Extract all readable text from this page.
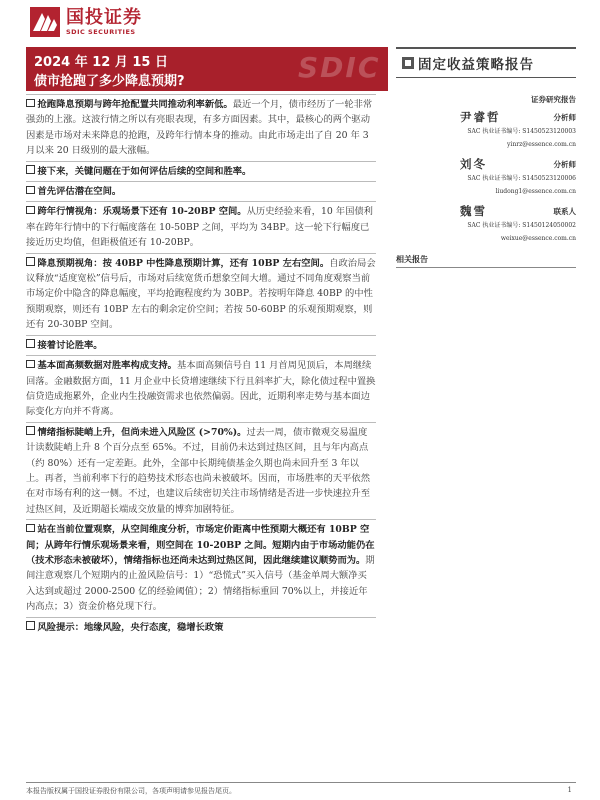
国投证券
SDIC SECURITIES
SDIC
2024 年 12 月 15 日
债市抢跑了多少降息预期?
固定收益策略报告
证券研究报告
尹睿哲	分析师
SAC 执业证书编号: S1450523120003
yinrz@essence.com.cn
刘冬	分析师
SAC 执业证书编号: S1450523120006
liudong1@essence.com.cn
魏雪	联系人
SAC 执业证书编号: S1450124050002
weixue@essence.com.cn
相关报告
抢跑降息预期与跨年抢配置共同推动利率新低。最近一个月，债市经历了一轮非常强劲的上涨。这波行情之所以有亮眼表现，有多方面因素。其中，最核心的两个驱动因素是市场对未来降息的抢跑，及跨年行情本身的推动。由此市场走出了自 20 年 3 月以来 20 日级别的最大涨幅。
接下来，关键问题在于如何评估后续的空间和胜率。
首先评估潜在空间。
跨年行情视角：乐观场景下还有 10-20BP 空间。从历史经验来看，10 年国债利率在跨年行情中的下行幅度落在 10-50BP 之间，平均为 34BP。这一轮下行幅度已接近历史均值，但距极值还有 10-20BP。
降息预期视角：按 40BP 中性降息预期计算，还有 10BP 左右空间。自政治局会议释放“适度宽松”信号后，市场对后续宽货币想象空间大增。通过不同角度观察当前市场定价中隐含的降息幅度，平均抢跑程度约为 30BP。若按明年降息 40BP 的中性预期观察，则还有 10BP 左右的剩余定价空间；若按 50-60BP 的乐观预期观察，则还有 20-30BP 空间。
接着讨论胜率。
基本面高频数据对胜率构成支持。基本面高频信号自 11 月首周见顶后，本周继续回落。金融数据方面，11 月企业中长贷增速继续下行且斜率扩大，除化债过程中置换信贷造成拖累外，企业内生投融资需求也依然偏弱。因此，近期利率走势与基本面边际变化方向并不背离。
情绪指标陡峭上升，但尚未进入风险区 (>70%)。过去一周，债市微观交易温度计读数陡峭上升 8 个百分点至 65%。不过，目前仍未达到过热区间，且与年内高点（约 80%）还有一定差距。此外，全部中长期纯债基金久期也尚未回升至 3 年以上。再者，当前利率下行的趋势技术形态也尚未被破坏。因而，市场胜率的天平依然在对市场有利的这一侧。不过，也建议后续密切关注市场情绪是否进一步快速拉升至过热区间，及近期超长端成交放量的博弈加剧特征。
站在当前位置观察，从空间维度分析，市场定价距离中性预期大概还有 10BP 空间；从跨年行情乐观场景来看，则空间在 10-20BP 之间。短期内由于市场动能仍在（技术形态未被破坏），情绪指标也还尚未达到过热区间，因此继续建议顺势而为。期间注意观察几个短期内的止盈风险信号：1）“恐慌式”买入信号（基金单周大额净买入达到或超过 2000-2500 亿的经验阈值）；2）情绪指标重回 70%以上，并接近年内高点；3）资金价格兑现下行。
风险提示：地缘风险，央行态度，稳增长政策
本报告版权属于国投证券股份有限公司，各项声明请参见报告尾页。	1
